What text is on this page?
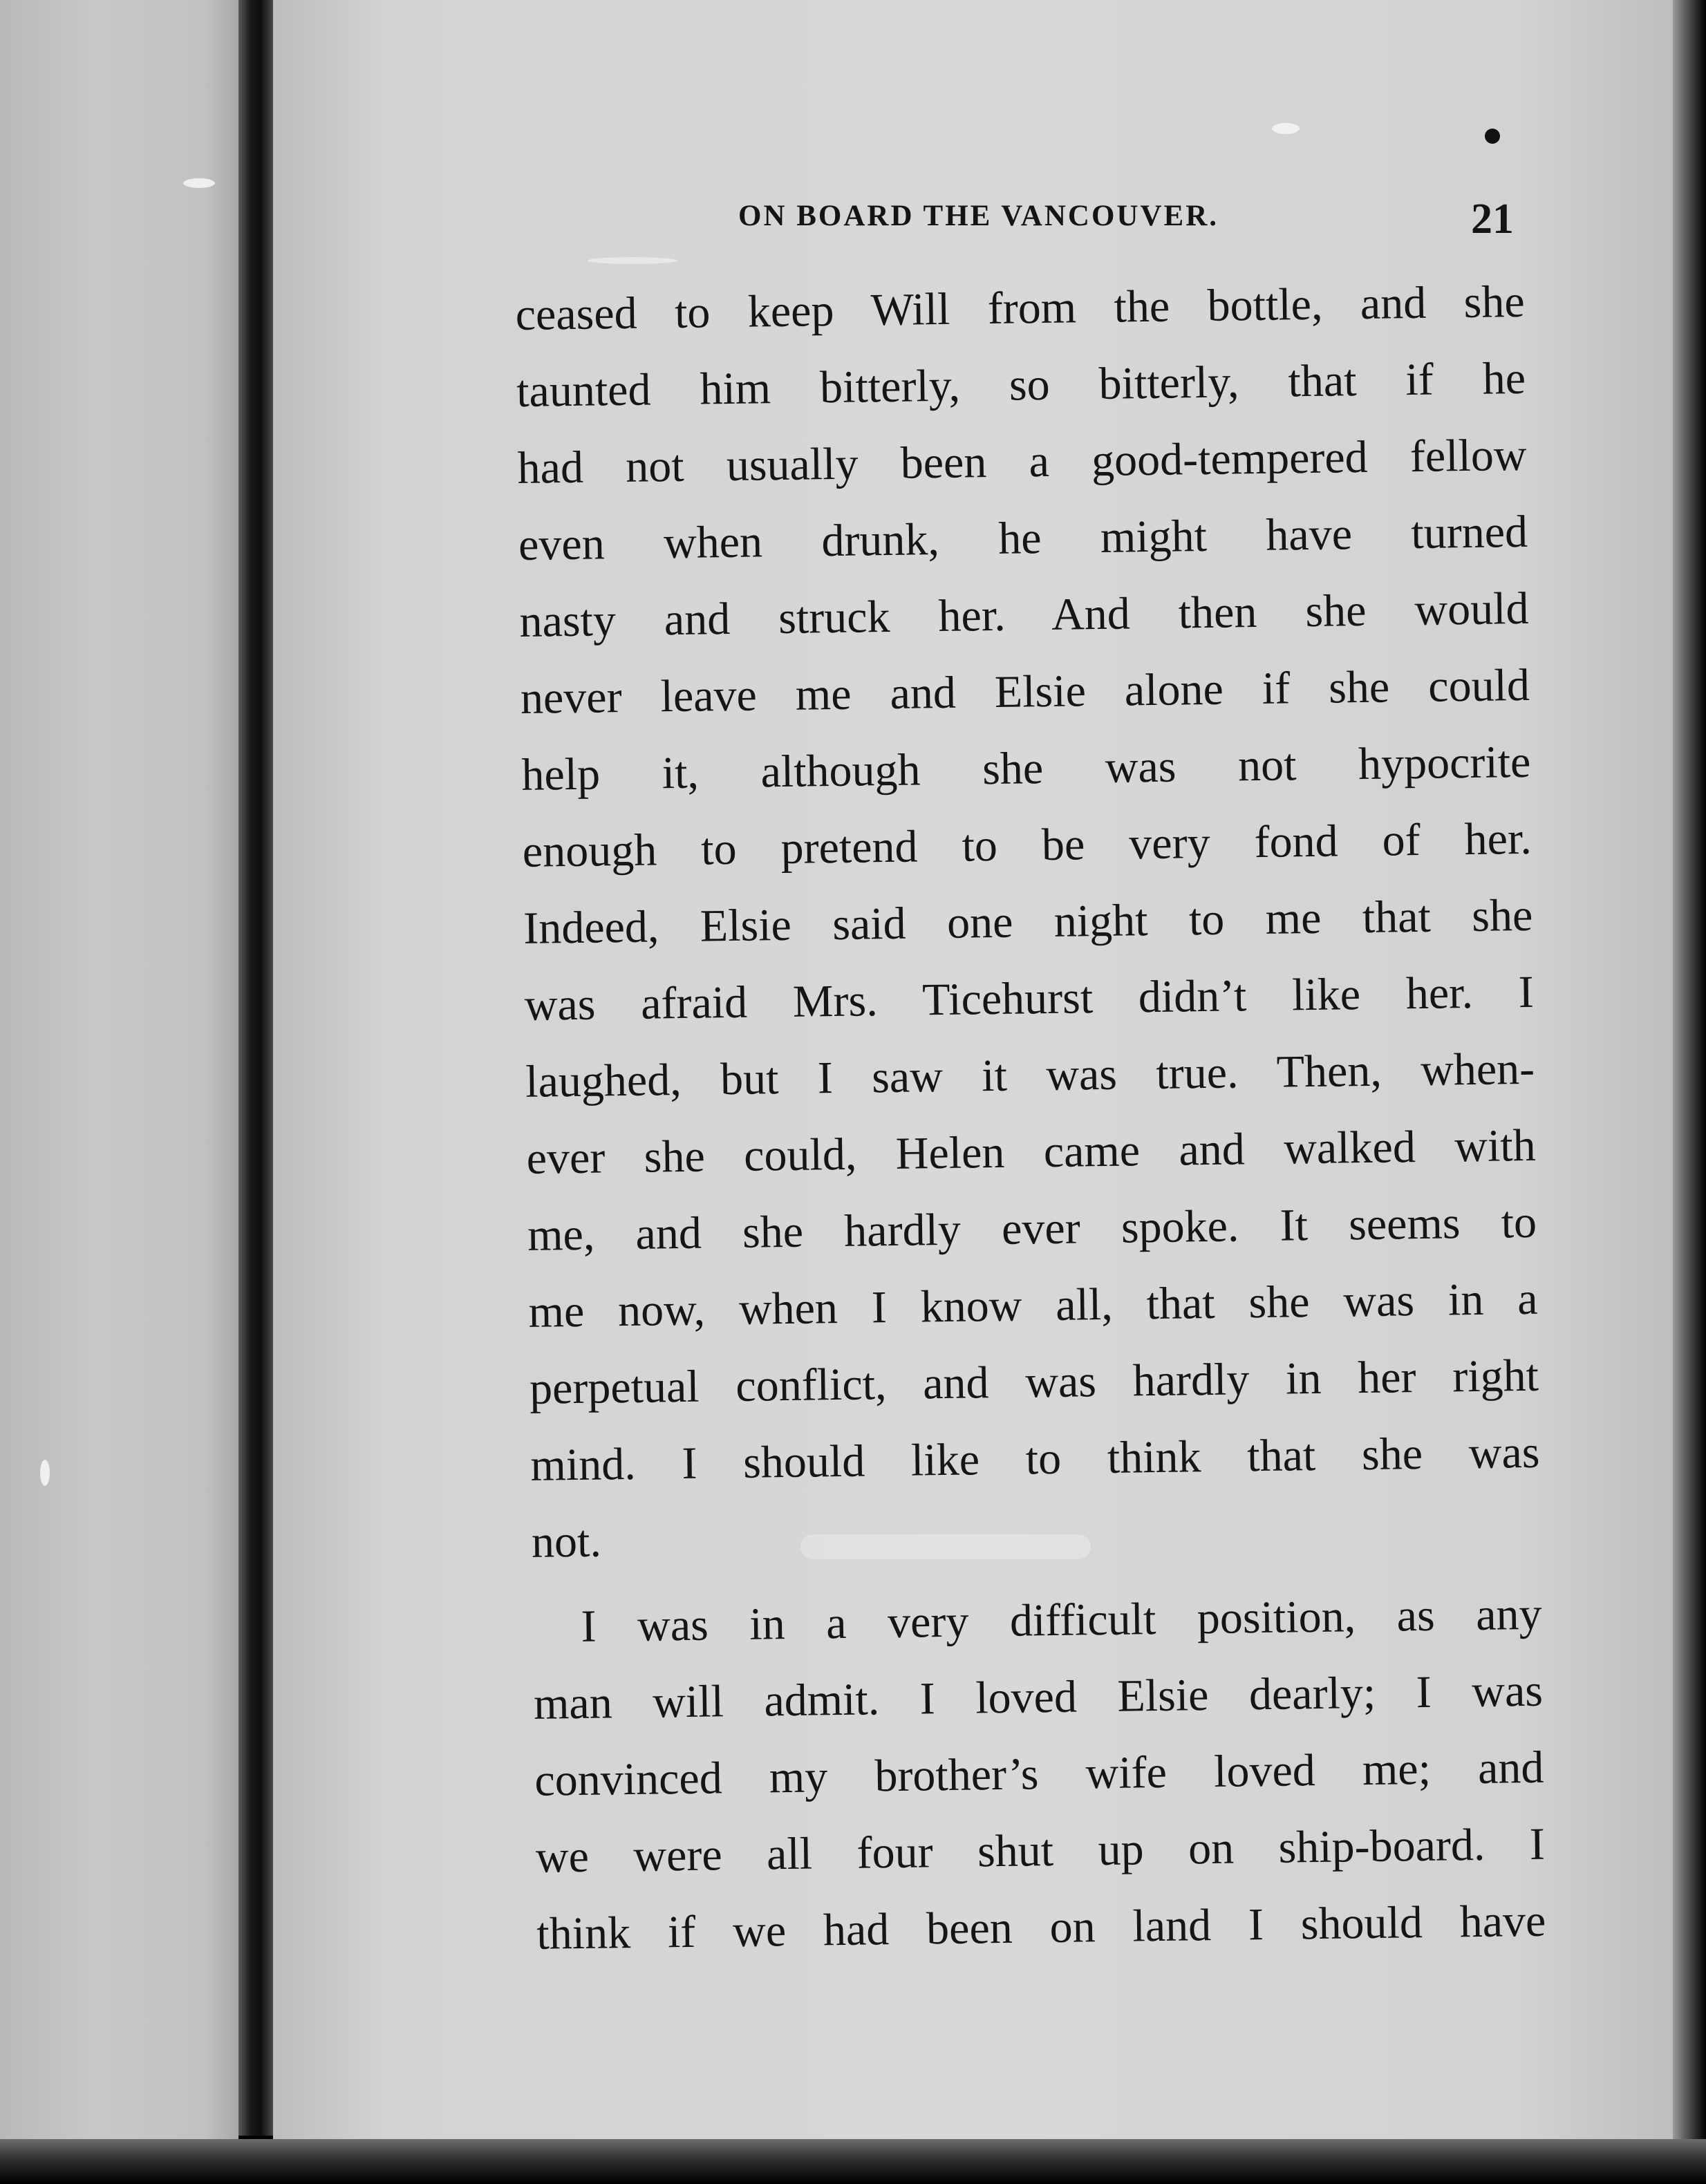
ON BOARD THE VANCOUVER.	21
ceased to keep Will from the bottle, and she
taunted him bitterly, so bitterly, that if he
had not usually been a good-tempered fellow
even when drunk, he might have turned
nasty and struck her. And then she would
never leave me and Elsie alone if she could
help it, although she was not hypocrite
enough to pretend to be very fond of her.
Indeed, Elsie said one night to me that she
was afraid Mrs. Ticehurst didn’t like her. I
laughed, but I saw it was true. Then, when-
ever she could, Helen came and walked with
me, and she hardly ever spoke. It seems to
me now, when I know all, that she was in a
perpetual conflict, and was hardly in her right
mind. I should like to think that she was
not.
I was in a very difficult position, as any
man will admit. I loved Elsie dearly; I was
convinced my brother’s wife loved me; and
we were all four shut up on ship-board. I
think if we had been on land I should have
